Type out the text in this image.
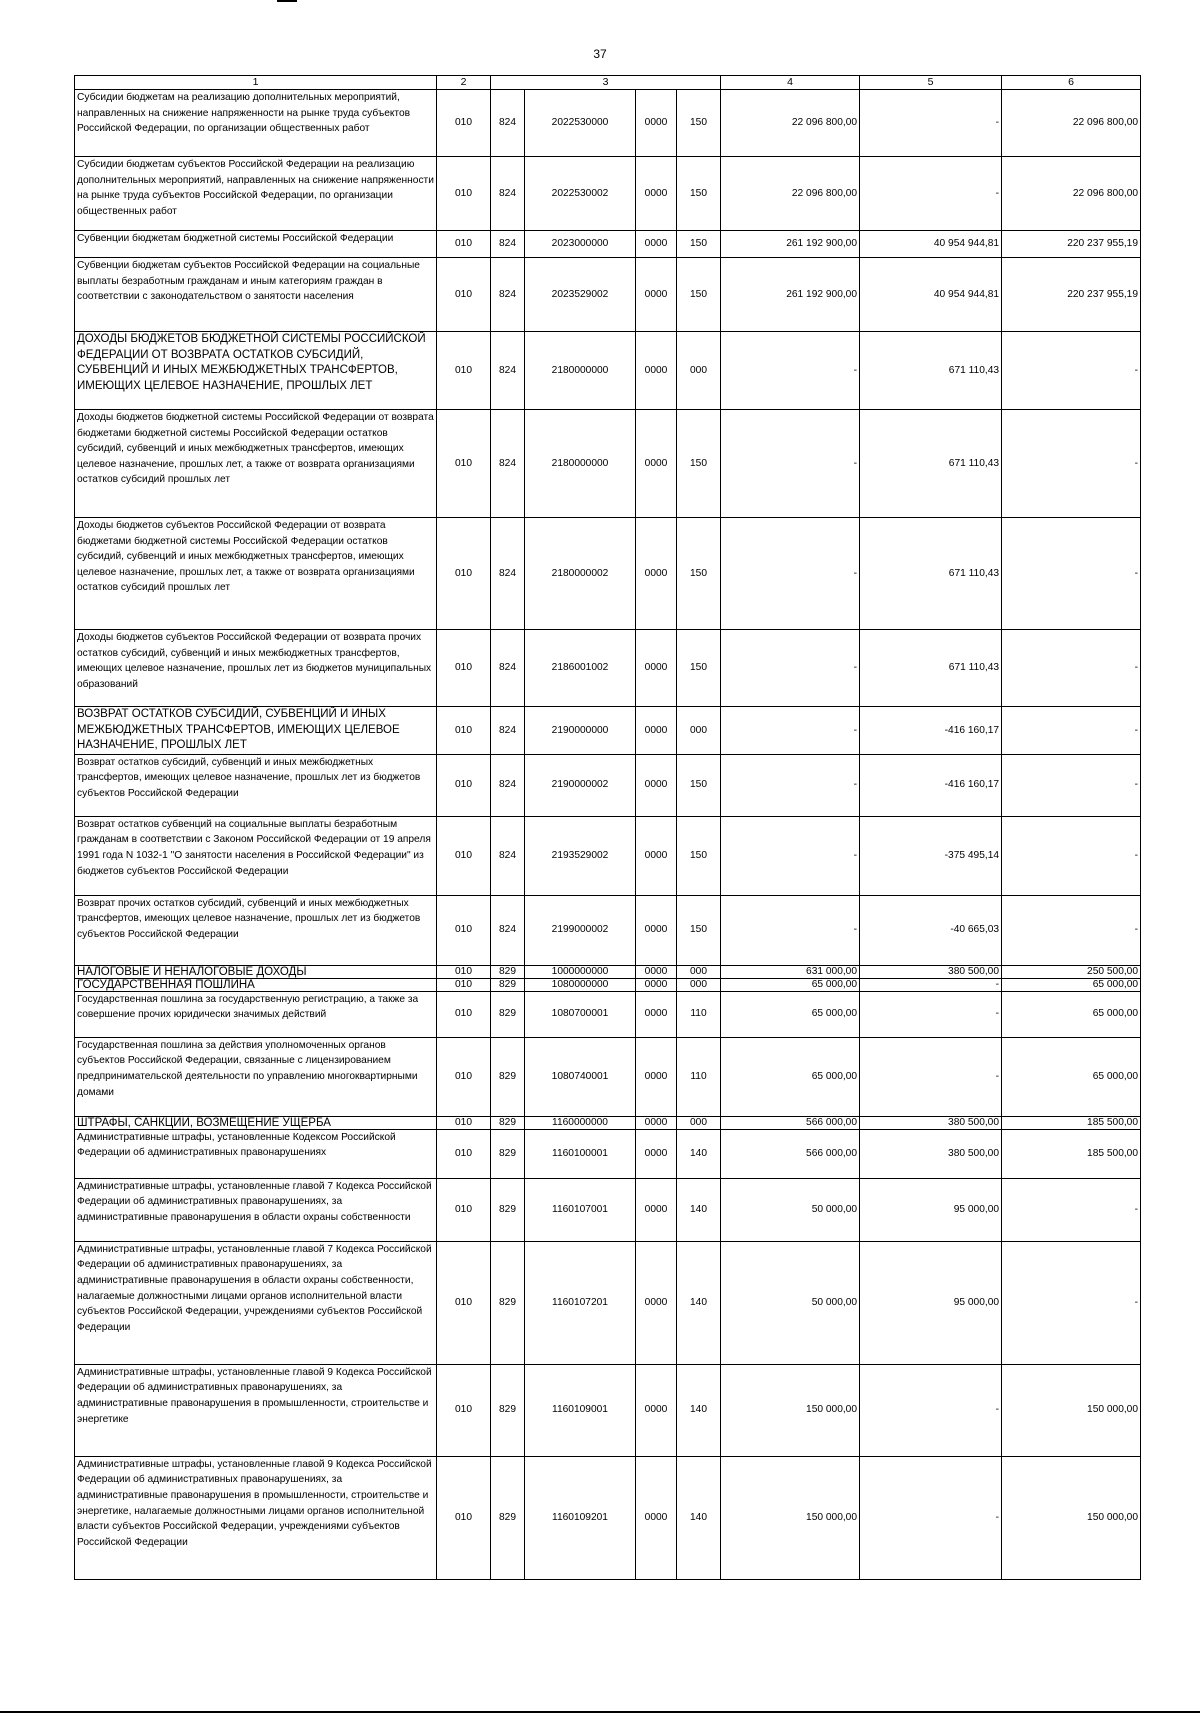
37
1	2	3				4	5	6
Субсидии бюджетам на реализацию дополнительных мероприятий, направленных на снижение напряженности на рынке труда субъектов Российской Федерации, по организации общественных работ	010	824	2022530000	0000	150	22 096 800,00	-	22 096 800,00
Субсидии бюджетам субъектов Российской Федерации на реализацию дополнительных мероприятий, направленных на снижение напряженности на рынке труда субъектов Российской Федерации, по организации общественных работ	010	824	2022530002	0000	150	22 096 800,00	-	22 096 800,00
Субвенции бюджетам бюджетной системы Российской Федерации	010	824	2023000000	0000	150	261 192 900,00	40 954 944,81	220 237 955,19
Субвенции бюджетам субъектов Российской Федерации на социальные выплаты безработным гражданам и иным категориям граждан в соответствии с законодательством о занятости населения	010	824	2023529002	0000	150	261 192 900,00	40 954 944,81	220 237 955,19
ДОХОДЫ БЮДЖЕТОВ БЮДЖЕТНОЙ СИСТЕМЫ РОССИЙСКОЙ ФЕДЕРАЦИИ ОТ ВОЗВРАТА ОСТАТКОВ СУБСИДИЙ, СУБВЕНЦИЙ И ИНЫХ МЕЖБЮДЖЕТНЫХ ТРАНСФЕРТОВ, ИМЕЮЩИХ ЦЕЛЕВОЕ НАЗНАЧЕНИЕ, ПРОШЛЫХ ЛЕТ	010	824	2180000000	0000	000	-	671 110,43	-
Доходы бюджетов бюджетной системы Российской Федерации от возврата бюджетами бюджетной системы Российской Федерации остатков субсидий, субвенций и иных межбюджетных трансфертов, имеющих целевое назначение, прошлых лет, а также от возврата организациями остатков субсидий прошлых лет	010	824	2180000000	0000	150	-	671 110,43	-
Доходы бюджетов субъектов Российской Федерации от возврата бюджетами бюджетной системы Российской Федерации остатков субсидий, субвенций и иных межбюджетных трансфертов, имеющих целевое назначение, прошлых лет, а также от возврата организациями остатков субсидий прошлых лет	010	824	2180000002	0000	150	-	671 110,43	-
Доходы бюджетов субъектов Российской Федерации от возврата прочих остатков субсидий, субвенций и иных межбюджетных трансфертов, имеющих целевое назначение, прошлых лет из бюджетов муниципальных образований	010	824	2186001002	0000	150	-	671 110,43	-
ВОЗВРАТ ОСТАТКОВ СУБСИДИЙ, СУБВЕНЦИЙ И ИНЫХ МЕЖБЮДЖЕТНЫХ ТРАНСФЕРТОВ, ИМЕЮЩИХ ЦЕЛЕВОЕ НАЗНАЧЕНИЕ, ПРОШЛЫХ ЛЕТ	010	824	2190000000	0000	000	-	-416 160,17	-
Возврат остатков субсидий, субвенций и иных межбюджетных трансфертов, имеющих целевое назначение, прошлых лет из бюджетов субъектов Российской Федерации	010	824	2190000002	0000	150	-	-416 160,17	-
Возврат остатков субвенций на социальные выплаты безработным гражданам в соответствии с Законом Российской Федерации от 19 апреля 1991 года N 1032-1 "О занятости населения в Российской Федерации" из бюджетов субъектов Российской Федерации	010	824	2193529002	0000	150	-	-375 495,14	-
Возврат прочих остатков субсидий, субвенций и иных межбюджетных трансфертов, имеющих целевое назначение, прошлых лет из бюджетов субъектов Российской Федерации	010	824	2199000002	0000	150	-	-40 665,03	-
НАЛОГОВЫЕ И НЕНАЛОГОВЫЕ ДОХОДЫ	010	829	1000000000	0000	000	631 000,00	380 500,00	250 500,00
ГОСУДАРСТВЕННАЯ ПОШЛИНА	010	829	1080000000	0000	000	65 000,00	-	65 000,00
Государственная пошлина за государственную регистрацию, а также за совершение прочих юридически значимых действий	010	829	1080700001	0000	110	65 000,00	-	65 000,00
Государственная пошлина за действия уполномоченных органов субъектов Российской Федерации, связанные с лицензированием предпринимательской деятельности по управлению многоквартирными домами	010	829	1080740001	0000	110	65 000,00	-	65 000,00
ШТРАФЫ, САНКЦИИ, ВОЗМЕЩЕНИЕ УЩЕРБА	010	829	1160000000	0000	000	566 000,00	380 500,00	185 500,00
Административные штрафы, установленные Кодексом Российской Федерации об административных правонарушениях	010	829	1160100001	0000	140	566 000,00	380 500,00	185 500,00
Административные штрафы, установленные главой 7 Кодекса Российской Федерации об административных правонарушениях, за административные правонарушения в области охраны собственности	010	829	1160107001	0000	140	50 000,00	95 000,00	-
Административные штрафы, установленные главой 7 Кодекса Российской Федерации об административных правонарушениях, за административные правонарушения в области охраны собственности, налагаемые должностными лицами органов исполнительной власти субъектов Российской Федерации, учреждениями субъектов Российской Федерации	010	829	1160107201	0000	140	50 000,00	95 000,00	-
Административные штрафы, установленные главой 9 Кодекса Российской Федерации об административных правонарушениях, за административные правонарушения в промышленности, строительстве и энергетике	010	829	1160109001	0000	140	150 000,00	-	150 000,00
Административные штрафы, установленные главой 9 Кодекса Российской Федерации об административных правонарушениях, за административные правонарушения в промышленности, строительстве и энергетике, налагаемые должностными лицами органов исполнительной власти субъектов Российской Федерации, учреждениями субъектов Российской Федерации	010	829	1160109201	0000	140	150 000,00	-	150 000,00
